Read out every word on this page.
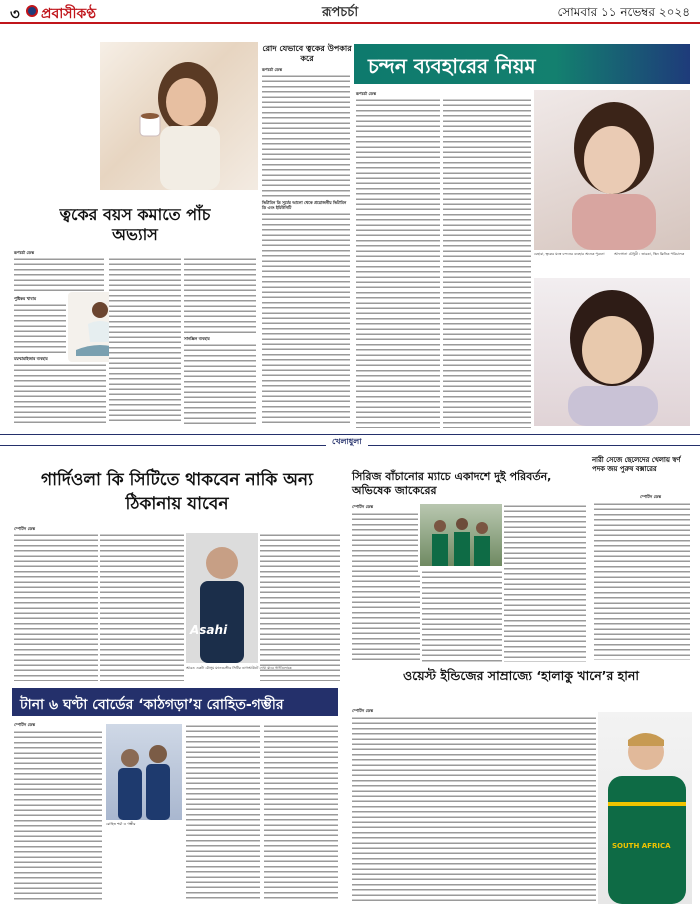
৩ প্রবাসীকণ্ঠ	রূপচর্চা	সোমবার ১১ নভেম্বর ২০২৪
রোদ যেভাবে ত্বকের উপকার করে
রূপচর্চা ডেস্ক
ভিটামিন ডি সূর্যের আলো থেকে প্রয়োজনীয় ভিটামিন ডি এবং ইমিউনিটি
ত্বকের বয়স কমাতে পাঁচ অভ্যাস
রূপচর্চা ডেস্ক
পুষ্টিকর খাবার
ময়শ্চারাইজার ব্যবহার
সানস্ক্রিন ব্যবহার
চন্দন ব্যবহারের নিয়ম
রূপচর্চা ডেস্ক
চেহারা, ত্বকের যত্নে চন্দনের ব্যবহার অনেক পুরনো	আফসানা চৌধুরী : তারকা, স্কিন ক্লিনিক পরিচালক
খেলাধুলা
গার্দিওলা কি সিটিতে থাকবেন নাকি অন্য ঠিকানায় যাবেন
স্পোর্টস ডেস্ক
Asahi
আরও একটা মৌসুম ম্যানচেস্টার সিটির ডাগআউটে দেখা যাবে গার্দিওলাকে
টানা ৬ ঘণ্টা বোর্ডের ‘কাঠগড়া’য় রোহিত-গম্ভীর
স্পোর্টস ডেস্ক
রোহিত শর্মা ও গম্ভীর
সিরিজ বাঁচানোর ম্যাচে একাদশে দুই পরিবর্তন, অভিষেক জাকেরের
স্পোর্টস ডেস্ক
নারী সেজে ছেলেদের খেলায় স্বর্ণ পদক জয় পুরুষ বক্সারের
স্পোর্টস ডেস্ক
ওয়েস্ট ইন্ডিজের সাম্রাজ্যে ‘হালাকু খানে’র হানা
স্পোর্টস ডেস্ক
SOUTH AFRICA
